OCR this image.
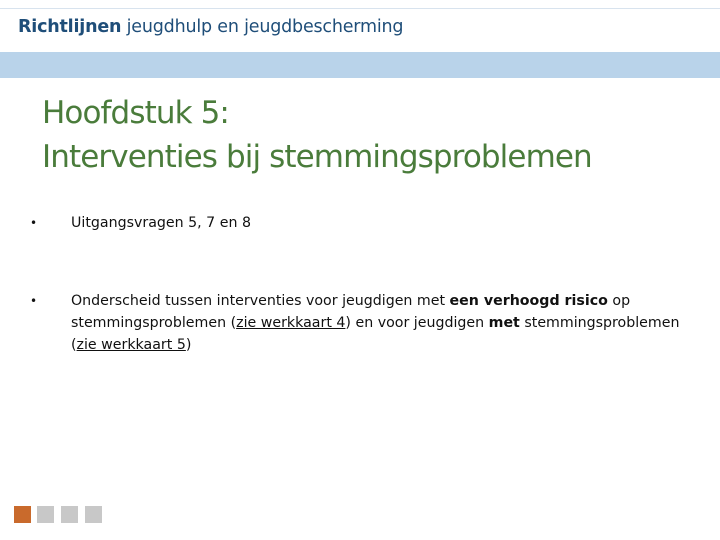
Richtlijnen jeugdhulp en jeugdbescherming
Hoofdstuk 5:
Interventies bij stemmingsproblemen
• Uitgangsvragen 5, 7 en 8
• Onderscheid tussen interventies voor jeugdigen met een verhoogd risico op stemmingsproblemen (zie werkkaart 4) en voor jeugdigen met stemmingsproblemen (zie werkkaart 5)
